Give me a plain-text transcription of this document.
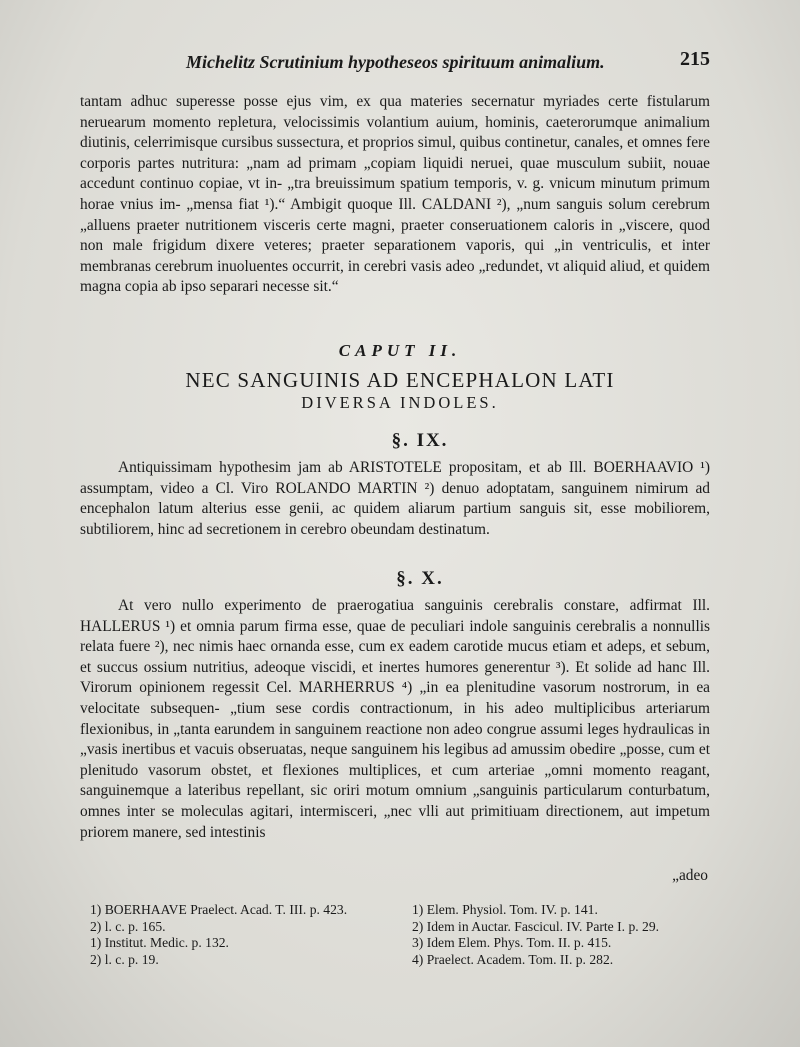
Michelitz Scrutinium hypotheseos spirituum animalium.	215

tantam adhuc superesse posse ejus vim, ex qua materies secernatur myriades certe fistularum neruearum momento repletura, velocissimis volantium auium, hominis, caeterorumque animalium diutinis, celerrimisque cursibus sussectura, et proprios simul, quibus continetur, canales, et omnes fere corporis partes nutritura: „nam ad primam „copiam liquidi neruei, quae musculum subiit, nouae accedunt continuo copiae, vt in- „tra breuissimum spatium temporis, v. g. vnicum minutum primum horae vnius im- „mensa fiat ¹).“ Ambigit quoque Ill. CALDANI ²), „num sanguis solum cerebrum „alluens praeter nutritionem visceris certe magni, praeter conseruationem caloris in „viscere, quod non male frigidum dixere veteres; praeter separationem vaporis, qui „in ventriculis, et inter membranas cerebrum inuoluentes occurrit, in cerebri vasis adeo „redundet, vt aliquid aliud, et quidem magna copia ab ipso separari necesse sit.“

CAPUT II.
NEC SANGUINIS AD ENCEPHALON LATI
DIVERSA INDOLES.
§. IX.

Antiquissimam hypothesim jam ab ARISTOTELE propositam, et ab Ill. BOERHAAVIO ¹) assumptam, video a Cl. Viro ROLANDO MARTIN ²) denuo adoptatam, sanguinem nimirum ad encephalon latum alterius esse genii, ac quidem aliarum partium sanguis sit, esse mobiliorem, subtiliorem, hinc ad secretionem in cerebro obeundam destinatum.

§. X.

At vero nullo experimento de praerogatiua sanguinis cerebralis constare, adfirmat Ill. HALLERUS ¹) et omnia parum firma esse, quae de peculiari indole sanguinis cerebralis a nonnullis relata fuere ²), nec nimis haec ornanda esse, cum ex eadem carotide mucus etiam et adeps, et sebum, et succus ossium nutritius, adeoque viscidi, et inertes humores generentur ³). Et solide ad hanc Ill. Virorum opinionem regessit Cel. MARHERRUS ⁴) „in ea plenitudine vasorum nostrorum, in ea velocitate subsequen- „tium sese cordis contractionum, in his adeo multiplicibus arteriarum flexionibus, in „tanta earundem in sanguinem reactione non adeo congrue assumi leges hydraulicas in „vasis inertibus et vacuis obseruatas, neque sanguinem his legibus ad amussim obedire „posse, cum et plenitudo vasorum obstet, et flexiones multiplices, et cum arteriae „omni momento reagant, sanguinemque a lateribus repellant, sic oriri motum omnium „sanguinis particularum conturbatum, omnes inter se moleculas agitari, intermisceri, „nec vlli aut primitiuam directionem, aut impetum priorem manere, sed intestinis

„adeo

1) BOERHAAVE Praelect. Acad. T. III. p. 423.

2) l. c. p. 165.

1) Institut. Medic. p. 132.

2) l. c. p. 19.

1) Elem. Physiol. Tom. IV. p. 141.

2) Idem in Auctar. Fascicul. IV. Parte I. p. 29.

3) Idem Elem. Phys. Tom. II. p. 415.

4) Praelect. Academ. Tom. II. p. 282.
